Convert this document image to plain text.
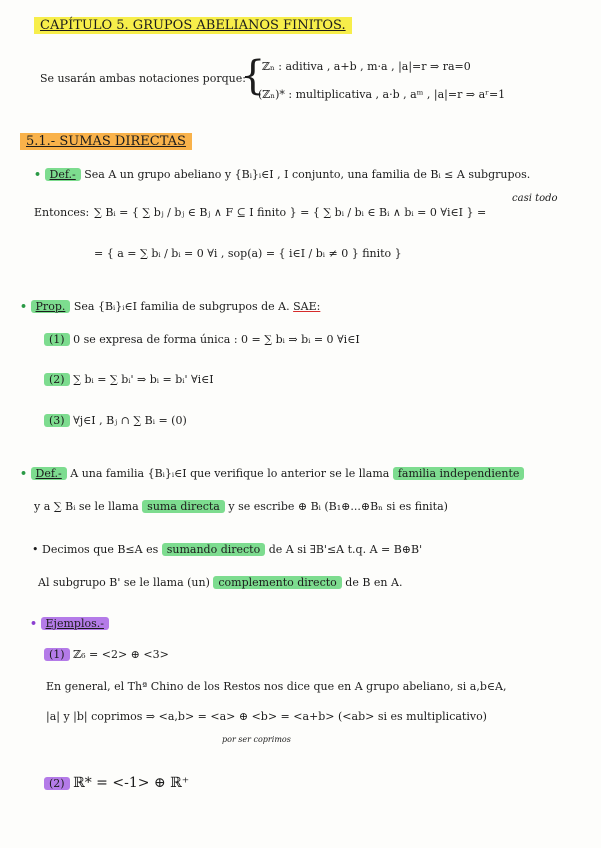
CAPÍTULO 5. GRUPOS ABELIANOS FINITOS.
Se usarán ambas notaciones porque:
{
ℤₙ : aditiva , a+b , m·a , |a|=r ⇒ ra=0
(ℤₙ)* : multiplicativa , a·b , aᵐ , |a|=r ⇒ aʳ=1
5.1.- SUMAS DIRECTAS
• Def.- Sea A un grupo abeliano y {Bᵢ}ᵢ∈I , I conjunto, una familia de Bᵢ ≤ A subgrupos.
casi todo
Entonces: ∑ Bᵢ = { ∑ bⱼ / bⱼ ∈ Bⱼ ∧ F ⊆ I finito } = { ∑ bᵢ / bᵢ ∈ Bᵢ ∧ bᵢ = 0 ∀i∈I } =
= { a = ∑ bᵢ / bᵢ = 0 ∀i , sop(a) = { i∈I / bᵢ ≠ 0 } finito }
• Prop. Sea {Bᵢ}ᵢ∈I familia de subgrupos de A. SAE:
(1) 0 se expresa de forma única : 0 = ∑ bᵢ ⇒ bᵢ = 0 ∀i∈I
(2) ∑ bᵢ = ∑ bᵢ' ⇒ bᵢ = bᵢ' ∀i∈I
(3) ∀j∈I , Bⱼ ∩ ∑ Bᵢ = (0)
• Def.- A una familia {Bᵢ}ᵢ∈I que verifique lo anterior se le llama familia independiente
y a ∑ Bᵢ se le llama suma directa y se escribe ⊕ Bᵢ (B₁⊕...⊕Bₙ si es finita)
• Decimos que B≤A es sumando directo de A si ∃B'≤A t.q. A = B⊕B'
Al subgrupo B' se le llama (un) complemento directo de B en A.
• Ejemplos.-
(1) ℤ₆ = <2> ⊕ <3>
En general, el Thª Chino de los Restos nos dice que en A grupo abeliano, si a,b∈A,
|a| y |b| coprimos ⇒ <a,b> = <a> ⊕ <b> = <a+b> (<ab> si es multiplicativo)
por ser coprimos
(2) ℝ* = <-1> ⊕ ℝ⁺
